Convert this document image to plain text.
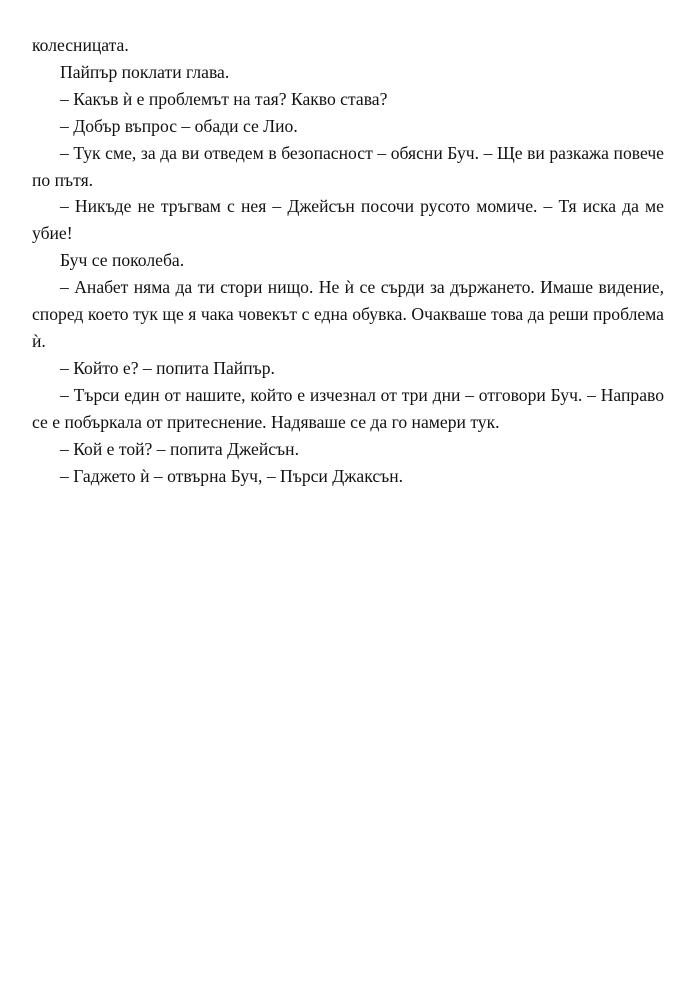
колесницата.

Пайпър поклати глава.

– Какъв ѝ е проблемът на тая? Какво става?

– Добър въпрос – обади се Лио.

– Тук сме, за да ви отведем в безопасност – обясни Буч. – Ще ви разкажа повече по пътя.

– Никъде не тръгвам с нея – Джейсън посочи русото момиче. – Тя иска да ме убие!

Буч се поколеба.

– Анабет няма да ти стори нищо. Не ѝ се сърди за държането. Имаше видение, според което тук ще я чака човекът с една обувка. Очакваше това да реши проблема ѝ.

– Който е? – попита Пайпър.

– Търси един от нашите, който е изчезнал от три дни – отговори Буч. – Направо се е побъркала от притеснение. Надяваше се да го намери тук.

– Кой е той? – попита Джейсън.

– Гаджето ѝ – отвърна Буч, – Пърси Джаксън.
